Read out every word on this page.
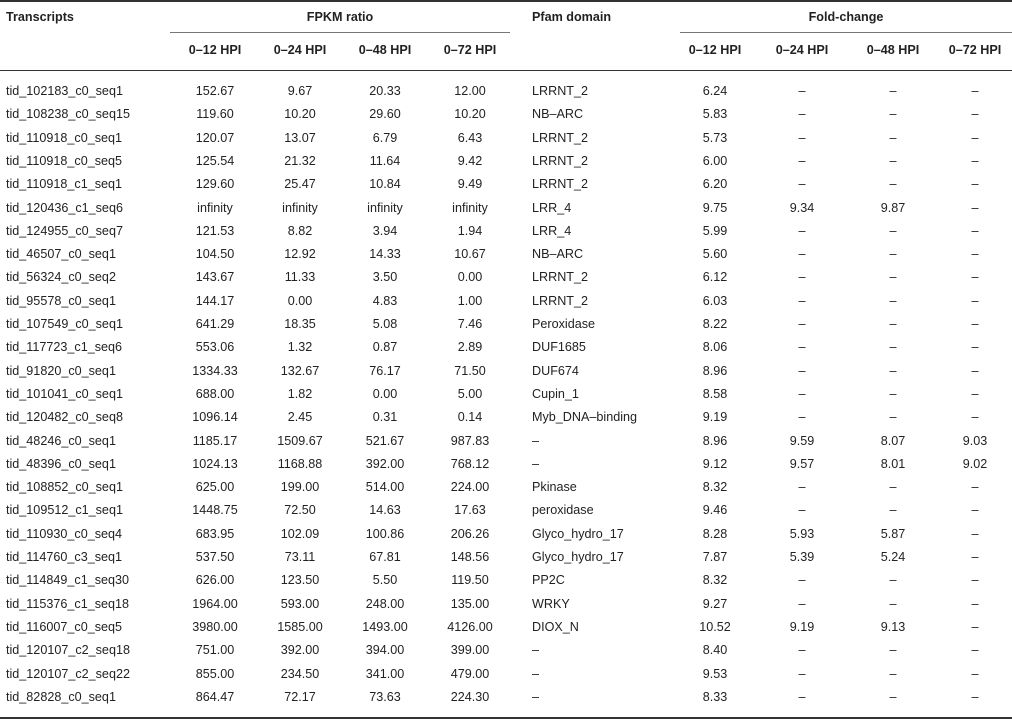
Transcripts	FPKM ratio	Pfam domain	Fold-change
0–12 HPI	0–24 HPI	0–48 HPI	0–72 HPI	0–12 HPI	0–24 HPI	0–48 HPI	0–72 HPI
tid_102183_c0_seq1	152.67	9.67	20.33	12.00	LRRNT_2	6.24	–	–	–
tid_108238_c0_seq15	119.60	10.20	29.60	10.20	NB–ARC	5.83	–	–	–
tid_110918_c0_seq1	120.07	13.07	6.79	6.43	LRRNT_2	5.73	–	–	–
tid_110918_c0_seq5	125.54	21.32	11.64	9.42	LRRNT_2	6.00	–	–	–
tid_110918_c1_seq1	129.60	25.47	10.84	9.49	LRRNT_2	6.20	–	–	–
tid_120436_c1_seq6	infinity	infinity	infinity	infinity	LRR_4	9.75	9.34	9.87	–
tid_124955_c0_seq7	121.53	8.82	3.94	1.94	LRR_4	5.99	–	–	–
tid_46507_c0_seq1	104.50	12.92	14.33	10.67	NB–ARC	5.60	–	–	–
tid_56324_c0_seq2	143.67	11.33	3.50	0.00	LRRNT_2	6.12	–	–	–
tid_95578_c0_seq1	144.17	0.00	4.83	1.00	LRRNT_2	6.03	–	–	–
tid_107549_c0_seq1	641.29	18.35	5.08	7.46	Peroxidase	8.22	–	–	–
tid_117723_c1_seq6	553.06	1.32	0.87	2.89	DUF1685	8.06	–	–	–
tid_91820_c0_seq1	1334.33	132.67	76.17	71.50	DUF674	8.96	–	–	–
tid_101041_c0_seq1	688.00	1.82	0.00	5.00	Cupin_1	8.58	–	–	–
tid_120482_c0_seq8	1096.14	2.45	0.31	0.14	Myb_DNA–binding	9.19	–	–	–
tid_48246_c0_seq1	1185.17	1509.67	521.67	987.83	–	8.96	9.59	8.07	9.03
tid_48396_c0_seq1	1024.13	1168.88	392.00	768.12	–	9.12	9.57	8.01	9.02
tid_108852_c0_seq1	625.00	199.00	514.00	224.00	Pkinase	8.32	–	–	–
tid_109512_c1_seq1	1448.75	72.50	14.63	17.63	peroxidase	9.46	–	–	–
tid_110930_c0_seq4	683.95	102.09	100.86	206.26	Glyco_hydro_17	8.28	5.93	5.87	–
tid_114760_c3_seq1	537.50	73.11	67.81	148.56	Glyco_hydro_17	7.87	5.39	5.24	–
tid_114849_c1_seq30	626.00	123.50	5.50	119.50	PP2C	8.32	–	–	–
tid_115376_c1_seq18	1964.00	593.00	248.00	135.00	WRKY	9.27	–	–	–
tid_116007_c0_seq5	3980.00	1585.00	1493.00	4126.00	DIOX_N	10.52	9.19	9.13	–
tid_120107_c2_seq18	751.00	392.00	394.00	399.00	–	8.40	–	–	–
tid_120107_c2_seq22	855.00	234.50	341.00	479.00	–	9.53	–	–	–
tid_82828_c0_seq1	864.47	72.17	73.63	224.30	–	8.33	–	–	–
